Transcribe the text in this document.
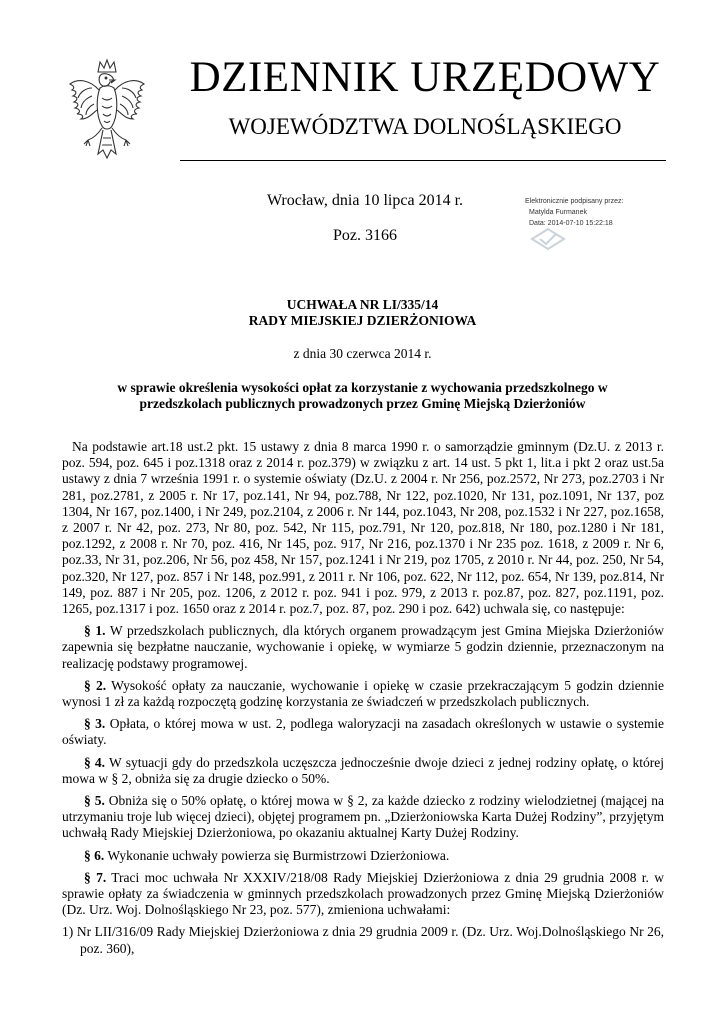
DZIENNIK URZĘDOWY
WOJEWÓDZTWA DOLNOŚLĄSKIEGO
Wrocław, dnia 10 lipca 2014 r.
Poz. 3166
Elektronicznie podpisany przez:
Matylda Furmanek
Data: 2014-07-10 15:22:18
UCHWAŁA NR LI/335/14
RADY MIEJSKIEJ DZIERŻONIOWA
z dnia 30 czerwca 2014 r.
w sprawie określenia wysokości opłat za korzystanie z wychowania przedszkolnego w przedszkolach publicznych prowadzonych przez Gminę Miejską Dzierżoniów

Na podstawie art.18 ust.2 pkt. 15 ustawy z dnia 8 marca 1990 r. o samorządzie gminnym (Dz.U. z 2013 r. poz. 594, poz. 645 i poz.1318 oraz z 2014 r. poz.379) w związku z art. 14 ust. 5 pkt 1, lit.a i pkt 2 oraz ust.5a ustawy z dnia 7 września 1991 r. o systemie oświaty (Dz.U. z 2004 r. Nr 256, poz.2572, Nr 273, poz.2703 i Nr 281, poz.2781, z 2005 r. Nr 17, poz.141, Nr 94, poz.788, Nr 122, poz.1020, Nr 131, poz.1091, Nr 137, poz 1304, Nr 167, poz.1400, i Nr 249, poz.2104, z 2006 r. Nr 144, poz.1043, Nr 208, poz.1532 i Nr 227, poz.1658, z 2007 r. Nr 42, poz. 273, Nr 80, poz. 542, Nr 115, poz.791, Nr 120, poz.818, Nr 180, poz.1280 i Nr 181, poz.1292, z 2008 r. Nr 70, poz. 416, Nr 145, poz. 917, Nr 216, poz.1370 i Nr 235 poz. 1618, z 2009 r. Nr 6, poz.33, Nr 31, poz.206, Nr 56, poz 458, Nr 157, poz.1241 i Nr 219, poz 1705, z 2010 r. Nr 44, poz. 250, Nr 54, poz.320, Nr 127, poz. 857 i Nr 148, poz.991, z 2011 r. Nr 106, poz. 622, Nr 112, poz. 654, Nr 139, poz.814, Nr 149, poz. 887 i Nr 205, poz. 1206, z 2012 r. poz. 941 i poz. 979, z 2013 r. poz.87, poz. 827, poz.1191, poz. 1265, poz.1317 i poz. 1650 oraz z 2014 r. poz.7, poz. 87, poz. 290 i poz. 642) uchwala się, co następuje:

§ 1. W przedszkolach publicznych, dla których organem prowadzącym jest Gmina Miejska Dzierżoniów zapewnia się bezpłatne nauczanie, wychowanie i opiekę, w wymiarze 5 godzin dziennie, przeznaczonym na realizację podstawy programowej.

§ 2. Wysokość opłaty za nauczanie, wychowanie i opiekę w czasie przekraczającym 5 godzin dziennie wynosi 1 zł za każdą rozpoczętą godzinę korzystania ze świadczeń w przedszkolach publicznych.

§ 3. Opłata, o której mowa w ust. 2, podlega waloryzacji na zasadach określonych w ustawie o systemie oświaty.

§ 4. W sytuacji gdy do przedszkola uczęszcza jednocześnie dwoje dzieci z jednej rodziny opłatę, o której mowa w § 2, obniża się za drugie dziecko o 50%.

§ 5. Obniża się o 50% opłatę, o której mowa w § 2, za każde dziecko z rodziny wielodzietnej (mającej na utrzymaniu troje lub więcej dzieci), objętej programem pn. „Dzierżoniowska Karta Dużej Rodziny”, przyjętym uchwałą Rady Miejskiej Dzierżoniowa, po okazaniu aktualnej Karty Dużej Rodziny.

§ 6. Wykonanie uchwały powierza się Burmistrzowi Dzierżoniowa.

§ 7. Traci moc uchwała Nr XXXIV/218/08 Rady Miejskiej Dzierżoniowa z dnia 29 grudnia 2008 r. w sprawie opłaty za świadczenia w gminnych przedszkolach prowadzonych przez Gminę Miejską Dzierżoniów (Dz. Urz. Woj. Dolnośląskiego Nr 23, poz. 577), zmieniona uchwałami:

1) Nr LII/316/09 Rady Miejskiej Dzierżoniowa z dnia 29 grudnia 2009 r. (Dz. Urz. Woj.Dolnośląskiego Nr 26, poz. 360),
